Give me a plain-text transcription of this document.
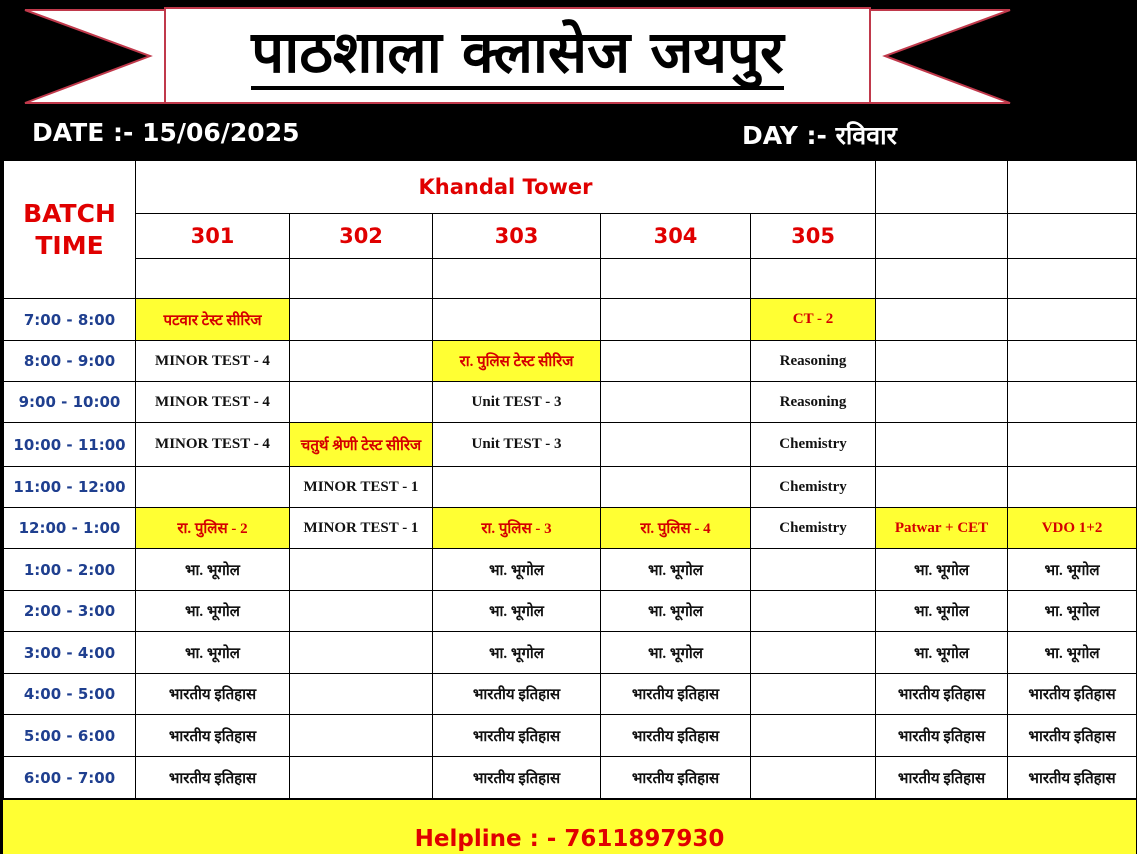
पाठशाला क्लासेज जयपुर
DATE :- 15/06/2025	DAY :- रविवार
BATCH TIME	Khandal Tower						
	301	302	303	304	305		

7:00 - 8:00	पटवार टेस्ट सीरिज				CT - 2		
8:00 - 9:00	MINOR TEST - 4		रा. पुलिस टेस्ट सीरिज		Reasoning		
9:00 - 10:00	MINOR TEST - 4		Unit TEST - 3		Reasoning		
10:00 - 11:00	MINOR TEST - 4	चतुर्थ श्रेणी टेस्ट सीरिज	Unit TEST - 3		Chemistry		
11:00 - 12:00		MINOR TEST - 1			Chemistry		
12:00 - 1:00	रा. पुलिस - 2	MINOR TEST - 1	रा. पुलिस - 3	रा. पुलिस - 4	Chemistry	Patwar + CET	VDO 1+2
1:00 - 2:00	भा. भूगोल		भा. भूगोल	भा. भूगोल		भा. भूगोल	भा. भूगोल
2:00 - 3:00	भा. भूगोल		भा. भूगोल	भा. भूगोल		भा. भूगोल	भा. भूगोल
3:00 - 4:00	भा. भूगोल		भा. भूगोल	भा. भूगोल		भा. भूगोल	भा. भूगोल
4:00 - 5:00	भारतीय इतिहास		भारतीय इतिहास	भारतीय इतिहास		भारतीय इतिहास	भारतीय इतिहास
5:00 - 6:00	भारतीय इतिहास		भारतीय इतिहास	भारतीय इतिहास		भारतीय इतिहास	भारतीय इतिहास
6:00 - 7:00	भारतीय इतिहास		भारतीय इतिहास	भारतीय इतिहास		भारतीय इतिहास	भारतीय इतिहास
Helpline : - 7611897930
